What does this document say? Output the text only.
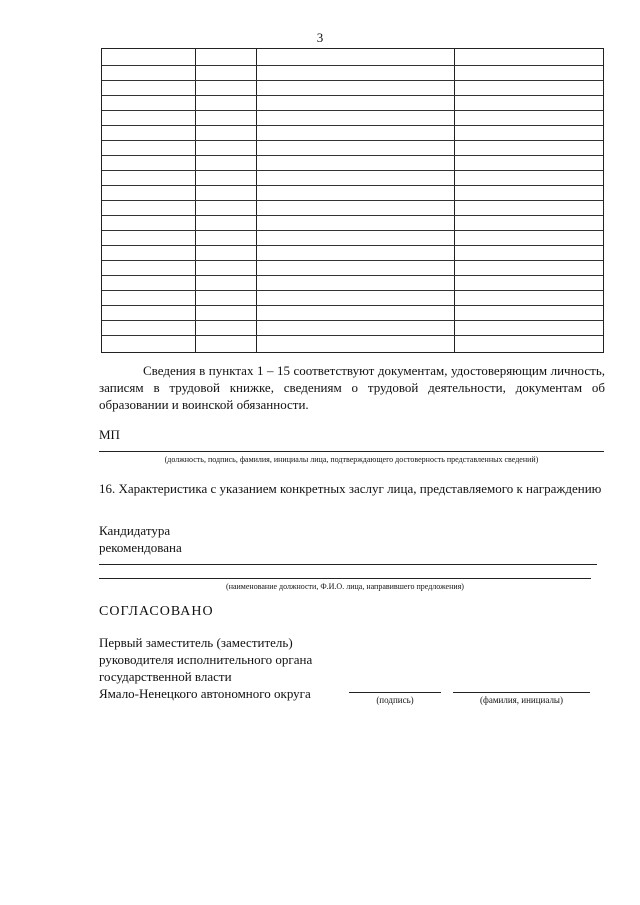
3
Сведения в пунктах 1 – 15 соответствуют документам, удостоверяющим личность, записям в трудовой книжке, сведениям о трудовой деятельности, документам об образовании и воинской обязанности.
МП
(должность, подпись, фамилия, инициалы лица, подтверждающего достоверность представленных сведений)
16. Характеристика с указанием конкретных заслуг лица, представляемого к награждению
Кандидатура
рекомендована
(наименование должности, Ф.И.О. лица, направившего предложения)
СОГЛАСОВАНО
Первый заместитель (заместитель)
руководителя исполнительного органа
государственной власти
Ямало-Ненецкого автономного округа	(подпись)	(фамилия, инициалы)
